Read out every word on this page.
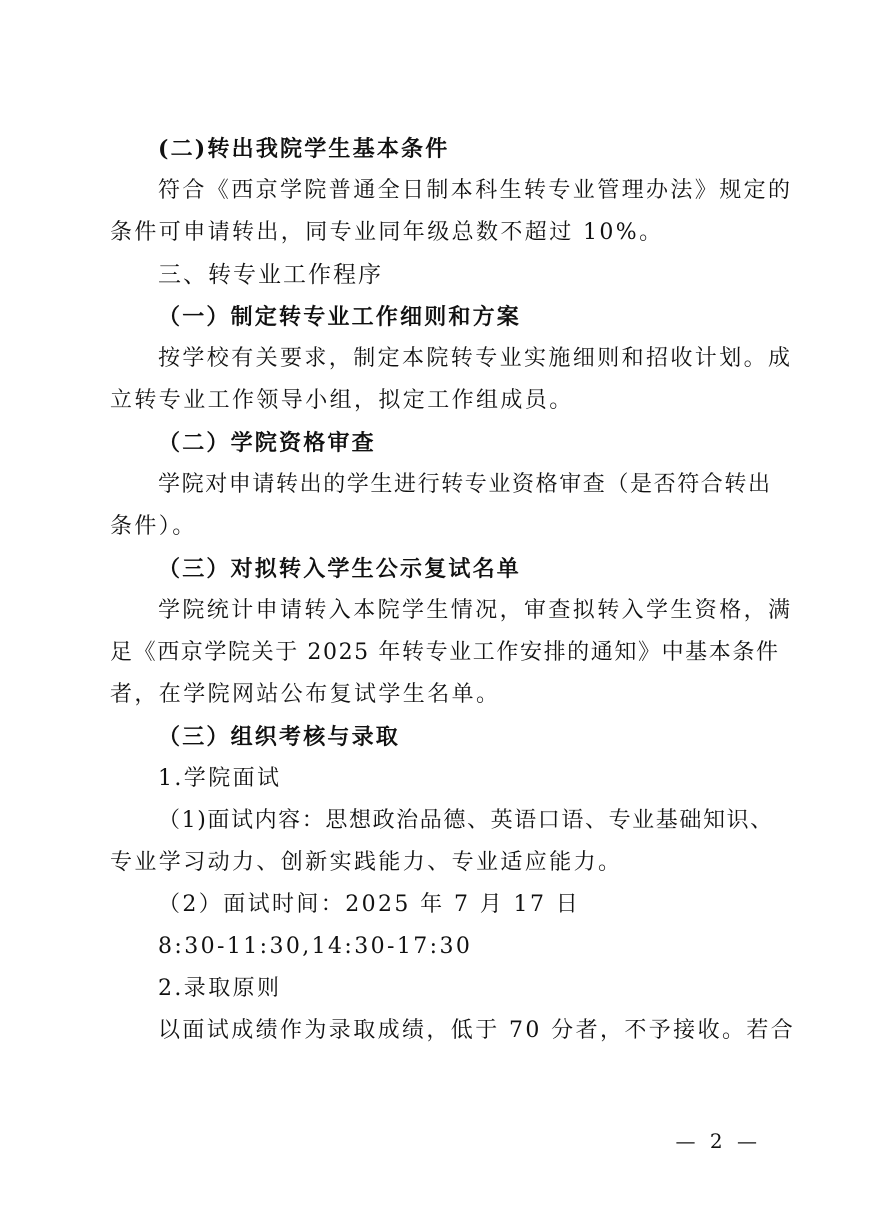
(二)转出我院学生基本条件
符合《西京学院普通全日制本科生转专业管理办法》规定的
条件可申请转出，同专业同年级总数不超过 10%。
三、转专业工作程序
（一）制定转专业工作细则和方案
按学校有关要求，制定本院转专业实施细则和招收计划。成
立转专业工作领导小组，拟定工作组成员。
（二）学院资格审查
学院对申请转出的学生进行转专业资格审查（是否符合转出
条件）。
（三）对拟转入学生公示复试名单
学院统计申请转入本院学生情况，审查拟转入学生资格，满
足《西京学院关于 2025 年转专业工作安排的通知》中基本条件
者，在学院网站公布复试学生名单。
（三）组织考核与录取
1.学院面试
（1)面试内容：思想政治品德、英语口语、专业基础知识、
专业学习动力、创新实践能力、专业适应能力。
（2）面试时间：2025 年 7 月 17 日
8:30-11:30,14:30-17:30
2.录取原则
以面试成绩作为录取成绩，低于 70 分者，不予接收。若合
— 2 —
